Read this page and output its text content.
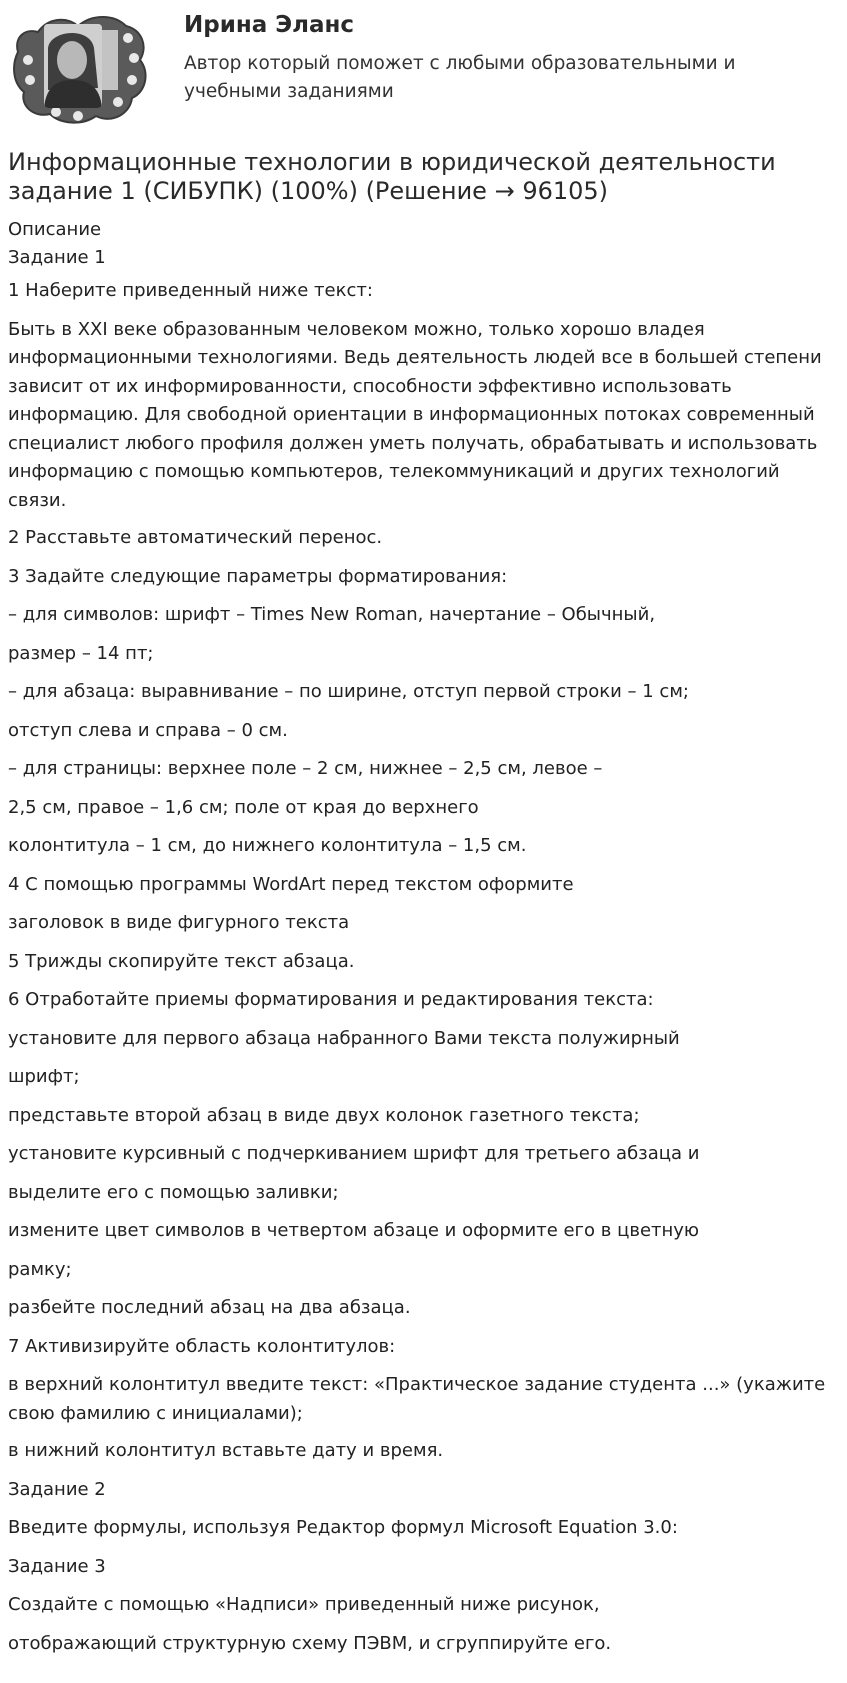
Ирина Эланс
Автор который поможет с любыми образовательными и учебными заданиями
Информационные технологии в юридической деятельности задание 1 (СИБУПК) (100%) (Решение → 96105)

Описание

Задание 1

1 Наберите приведенный ниже текст:

Быть в XXI веке образованным человеком можно, только хорошо владея информационными технологиями. Ведь деятельность людей все в большей степени зависит от их информированности, способности эффективно использовать информацию. Для свободной ориентации в информационных потоках современный специалист любого профиля должен уметь получать, обрабатывать и использовать информацию с помощью компьютеров, телекоммуникаций и других технологий связи.

2 Расставьте автоматический перенос.

3 Задайте следующие параметры форматирования:

– для символов: шрифт – Times New Roman, начертание – Обычный,

размер – 14 пт;

– для абзаца: выравнивание – по ширине, отступ первой строки – 1 см;

отступ слева и справа – 0 см.

– для страницы: верхнее поле – 2 см, нижнее – 2,5 см, левое –

2,5 см, правое – 1,6 см; поле от края до верхнего

колонтитула – 1 см, до нижнего колонтитула – 1,5 см.

4 С помощью программы WordArt перед текстом оформите

заголовок в виде фигурного текста

5 Трижды скопируйте текст абзаца.

6 Отработайте приемы форматирования и редактирования текста:

установите для первого абзаца набранного Вами текста полужирный

шрифт;

представьте второй абзац в виде двух колонок газетного текста;

установите курсивный с подчеркиванием шрифт для третьего абзаца и

выделите его с помощью заливки;

измените цвет символов в четвертом абзаце и оформите его в цветную

рамку;

разбейте последний абзац на два абзаца.

7 Активизируйте область колонтитулов:

в верхний колонтитул введите текст: «Практическое задание студента ...» (укажите свою фамилию с инициалами);

в нижний колонтитул вставьте дату и время.

Задание 2

Введите формулы, используя Редактор формул Microsoft Equation 3.0:

Задание 3

Создайте с помощью «Надписи» приведенный ниже рисунок,

отображающий структурную схему ПЭВМ, и сгруппируйте его.
